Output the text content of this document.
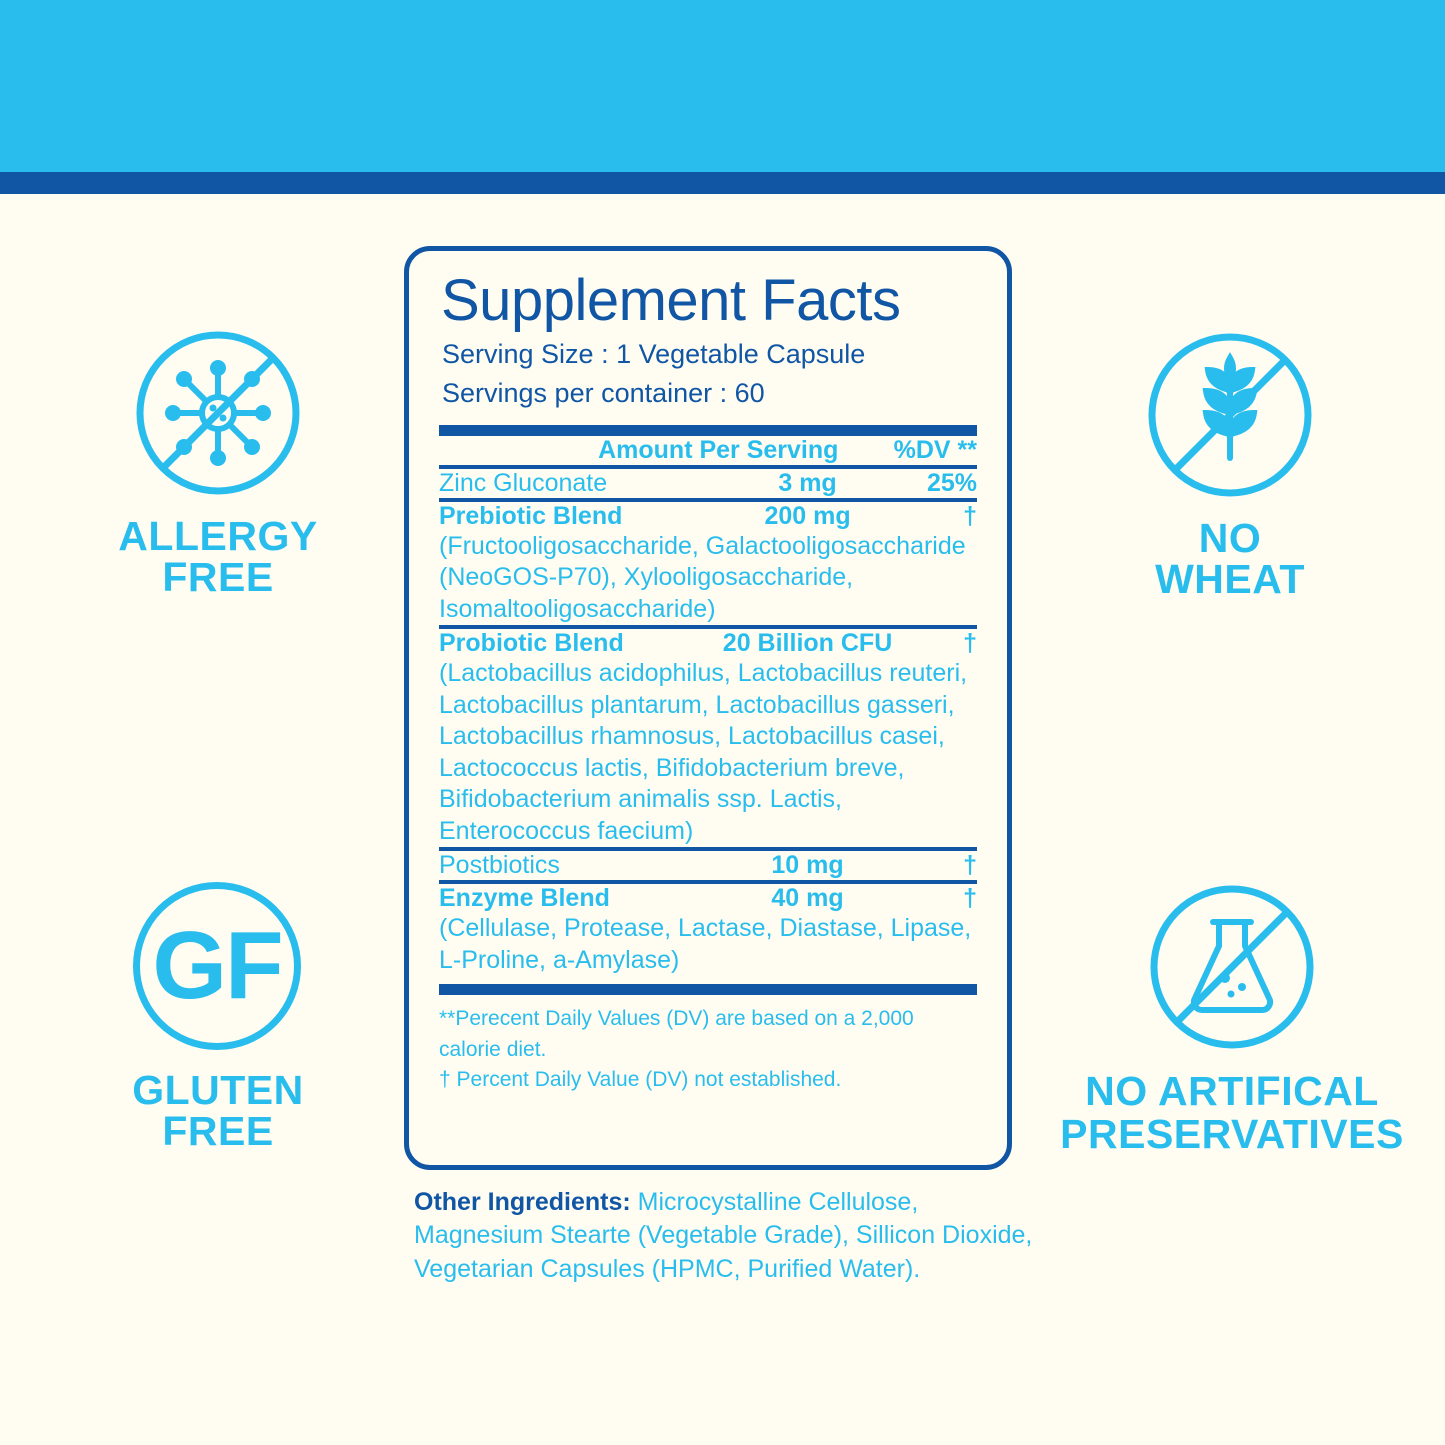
ALLERGY
FREE
NO
WHEAT
GF
GLUTEN
FREE
NO ARTIFICAL
PRESERVATIVES
Supplement Facts
Serving Size : 1 Vegetable Capsule
Servings per container : 60
	Amount Per Serving	%DV **
Zinc Gluconate	3 mg	25%
Prebiotic Blend	200 mg	†
(Fructooligosaccharide, Galactooligosaccharide (NeoGOS-P70), Xylooligosaccharide, Isomaltooligosaccharide)
Probiotic Blend	20 Billion CFU	†
(Lactobacillus acidophilus, Lactobacillus reuteri, Lactobacillus plantarum, Lactobacillus gasseri, Lactobacillus rhamnosus, Lactobacillus casei, Lactococcus lactis, Bifidobacterium breve, Bifidobacterium animalis ssp. Lactis, Enterococcus faecium)
Postbiotics	10 mg	†
Enzyme Blend	40 mg	†
(Cellulase, Protease, Lactase, Diastase, Lipase, L-Proline, a-Amylase)
**Perecent Daily Values (DV) are based on a 2,000 calorie diet.
† Percent Daily Value (DV) not established.
Other Ingredients: Microcystalline Cellulose, Magnesium Stearte (Vegetable Grade), Sillicon Dioxide, Vegetarian Capsules (HPMC, Purified Water).
